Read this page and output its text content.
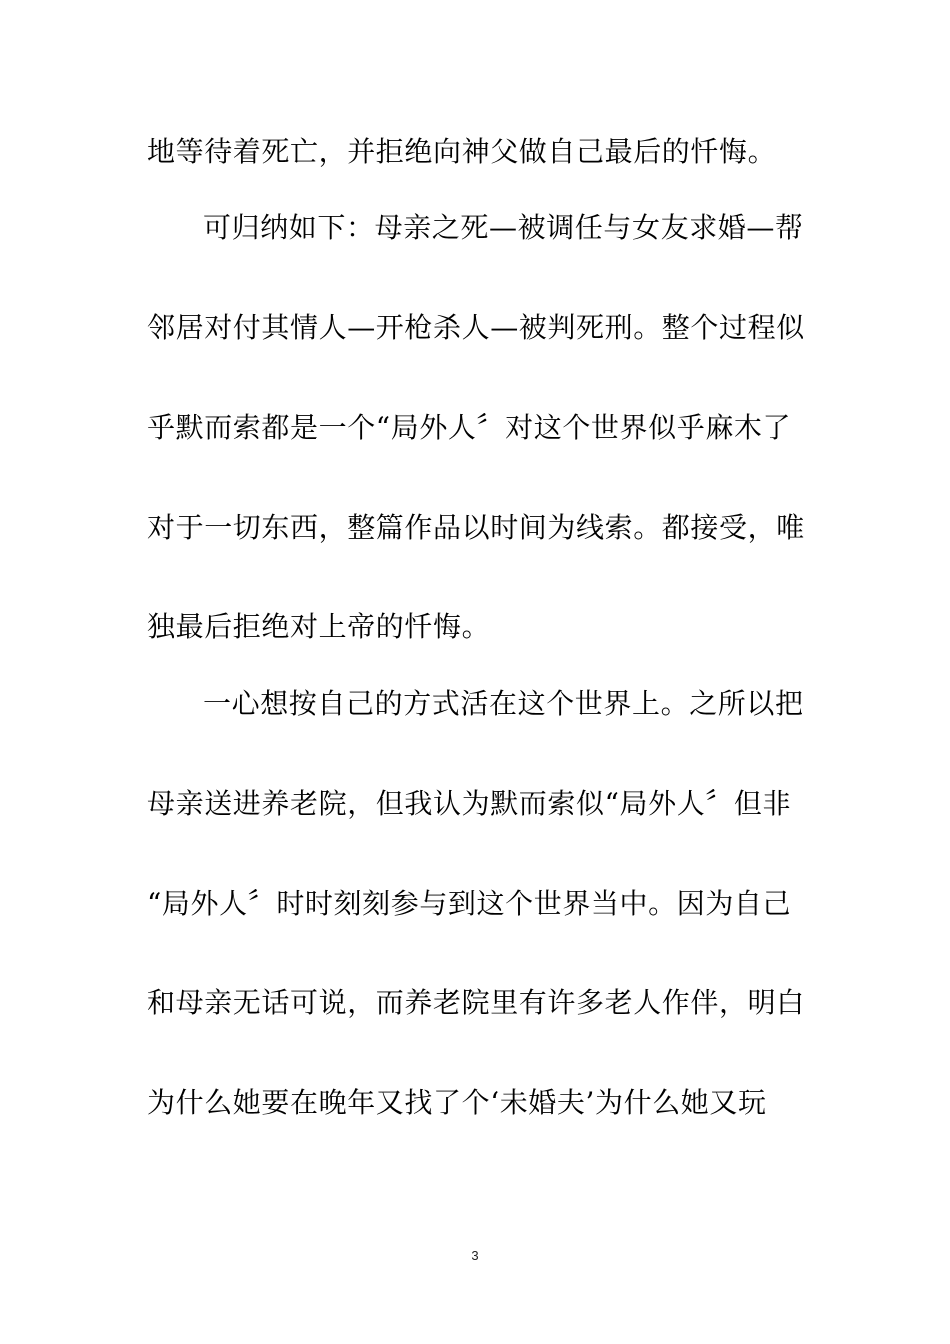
地等待着死亡，并拒绝向神父做自己最后的忏悔。
可归纳如下：母亲之死—被调任与女友求婚—帮
邻居对付其情人—开枪杀人—被判死刑。整个过程似
乎默而索都是一个“局外人〞对这个世界似乎麻木了
对于一切东西，整篇作品以时间为线索。都接受，唯
独最后拒绝对上帝的忏悔。
一心想按自己的方式活在这个世界上。之所以把
母亲送进养老院，但我认为默而索似“局外人〞但非
“局外人〞时时刻刻参与到这个世界当中。因为自己
和母亲无话可说，而养老院里有许多老人作伴，明白
为什么她要在晚年又找了个‘未婚夫’为什么她又玩
3
